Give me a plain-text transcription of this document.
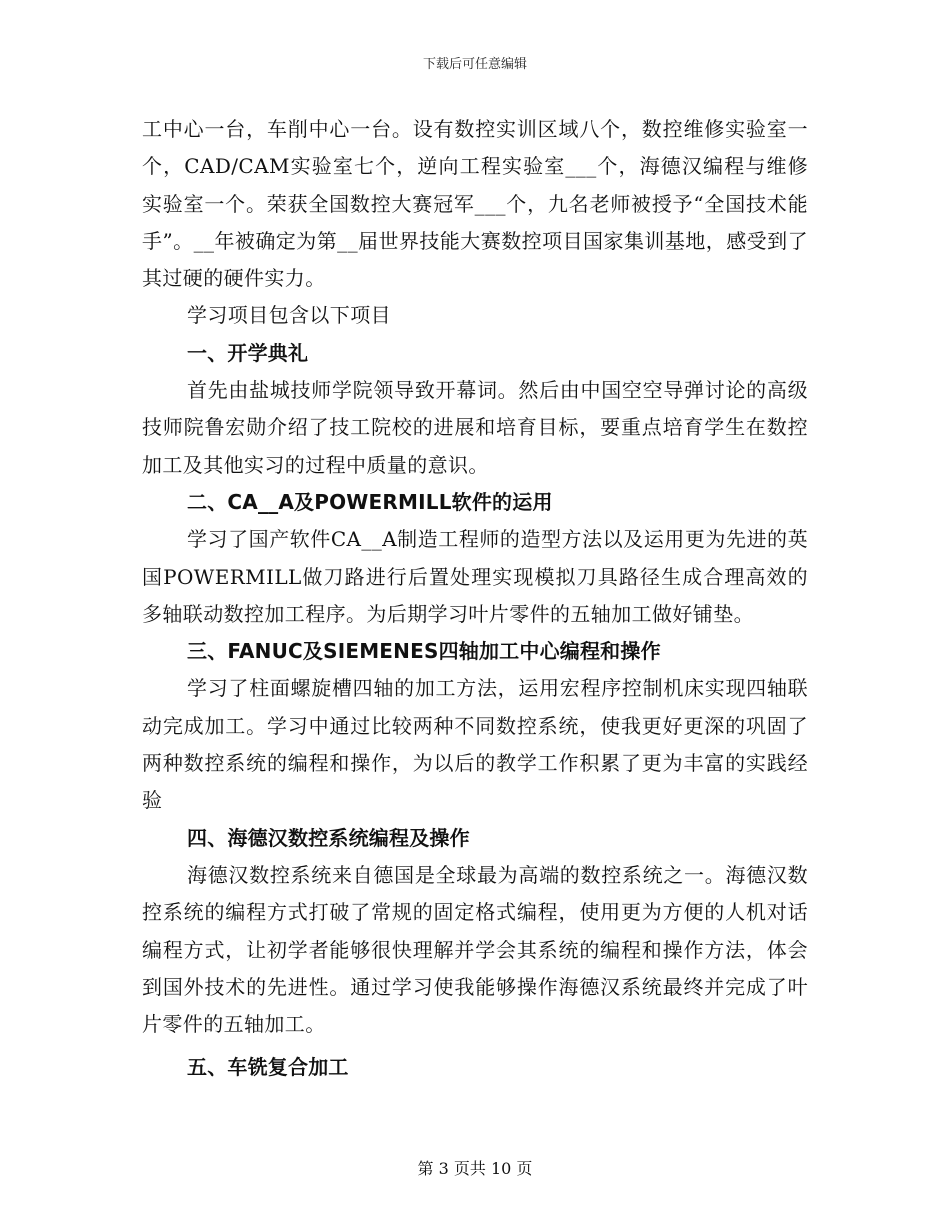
下载后可任意编辑

工中心一台，车削中心一台。设有数控实训区域八个，数控维修实验室一个，CAD/CAM实验室七个，逆向工程实验室___个，海德汉编程与维修实验室一个。荣获全国数控大赛冠军___个，九名老师被授予“全国技术能手”。__年被确定为第__届世界技能大赛数控项目国家集训基地，感受到了其过硬的硬件实力。

学习项目包含以下项目

一、开学典礼

首先由盐城技师学院领导致开幕词。然后由中国空空导弹讨论的高级技师院鲁宏勋介绍了技工院校的进展和培育目标，要重点培育学生在数控加工及其他实习的过程中质量的意识。

二、CA__A及POWERMILL软件的运用

学习了国产软件CA__A制造工程师的造型方法以及运用更为先进的英国POWERMILL做刀路进行后置处理实现模拟刀具路径生成合理高效的多轴联动数控加工程序。为后期学习叶片零件的五轴加工做好铺垫。

三、FANUC及SIEMENES四轴加工中心编程和操作

学习了柱面螺旋槽四轴的加工方法，运用宏程序控制机床实现四轴联动完成加工。学习中通过比较两种不同数控系统，使我更好更深的巩固了两种数控系统的编程和操作，为以后的教学工作积累了更为丰富的实践经验

四、海德汉数控系统编程及操作

海德汉数控系统来自德国是全球最为高端的数控系统之一。海德汉数控系统的编程方式打破了常规的固定格式编程，使用更为方便的人机对话编程方式，让初学者能够很快理解并学会其系统的编程和操作方法，体会到国外技术的先进性。通过学习使我能够操作海德汉系统最终并完成了叶片零件的五轴加工。

五、车铣复合加工

第 3 页共 10 页
